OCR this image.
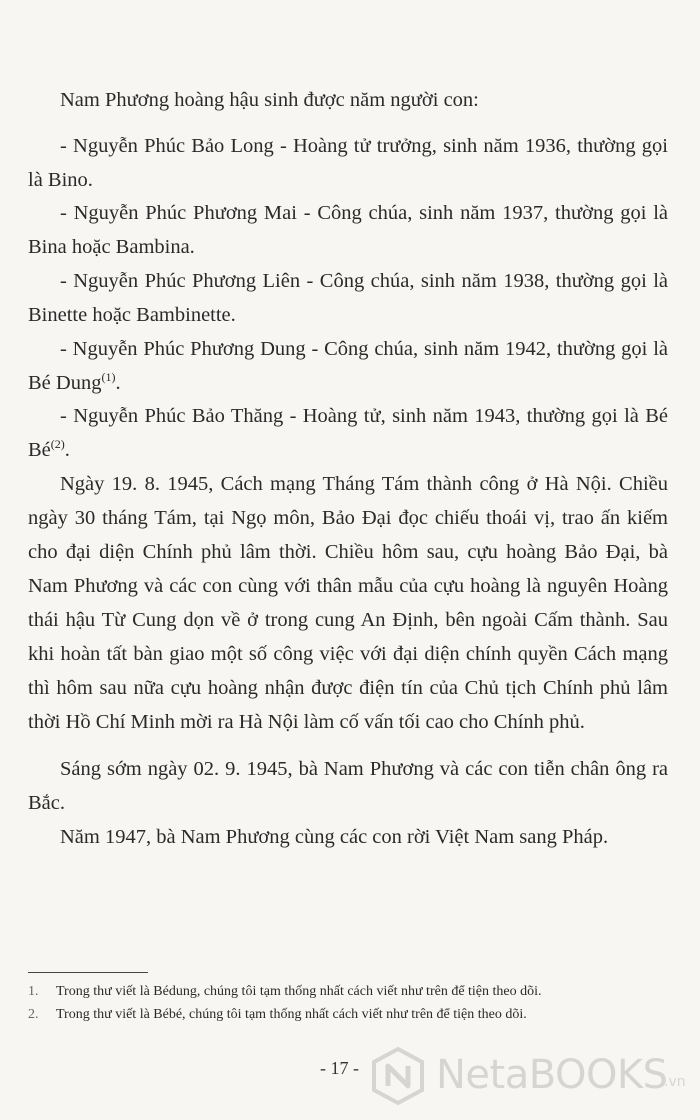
Nam Phương hoàng hậu sinh được năm người con:

- Nguyễn Phúc Bảo Long - Hoàng tử trưởng, sinh năm 1936, thường gọi là Bino.

- Nguyễn Phúc Phương Mai - Công chúa, sinh năm 1937, thường gọi là Bina hoặc Bambina.

- Nguyễn Phúc Phương Liên - Công chúa, sinh năm 1938, thường gọi là Binette hoặc Bambinette.

- Nguyễn Phúc Phương Dung - Công chúa, sinh năm 1942, thường gọi là Bé Dung$^{(1)}$.

- Nguyễn Phúc Bảo Thăng - Hoàng tử, sinh năm 1943, thường gọi là Bé $Bé^{(2)}$.

Ngày 19. 8. 1945, Cách mạng Tháng Tám thành công ở Hà Nội. Chiều ngày 30 tháng Tám, tại Ngọ môn, Bảo Đại đọc chiếu thoái vị, trao ấn kiếm cho đại diện Chính phủ lâm thời. Chiều hôm sau, cựu hoàng Bảo Đại, bà Nam Phương và các con cùng với thân mẫu của cựu hoàng là nguyên Hoàng thái hậu Từ Cung dọn về ở trong cung An Định, bên ngoài Cấm thành. Sau khi hoàn tất bàn giao một số công việc với đại diện chính quyền Cách mạng thì hôm sau nữa cựu hoàng nhận được điện tín của Chủ tịch Chính phủ lâm thời Hồ Chí Minh mời ra Hà Nội làm cố vấn tối cao cho Chính phủ.

Sáng sớm ngày 02. 9. 1945, bà Nam Phương và các con tiễn chân ông ra Bắc.

Năm 1947, bà Nam Phương cùng các con rời Việt Nam sang Pháp.

1. Trong thư viết là Bédung, chúng tôi tạm thống nhất cách viết như trên để tiện theo dõi.
2. Trong thư viết là Bébé, chúng tôi tạm thống nhất cách viết như trên để tiện theo dõi.
- 17 - NetaBOOKS
.vn
